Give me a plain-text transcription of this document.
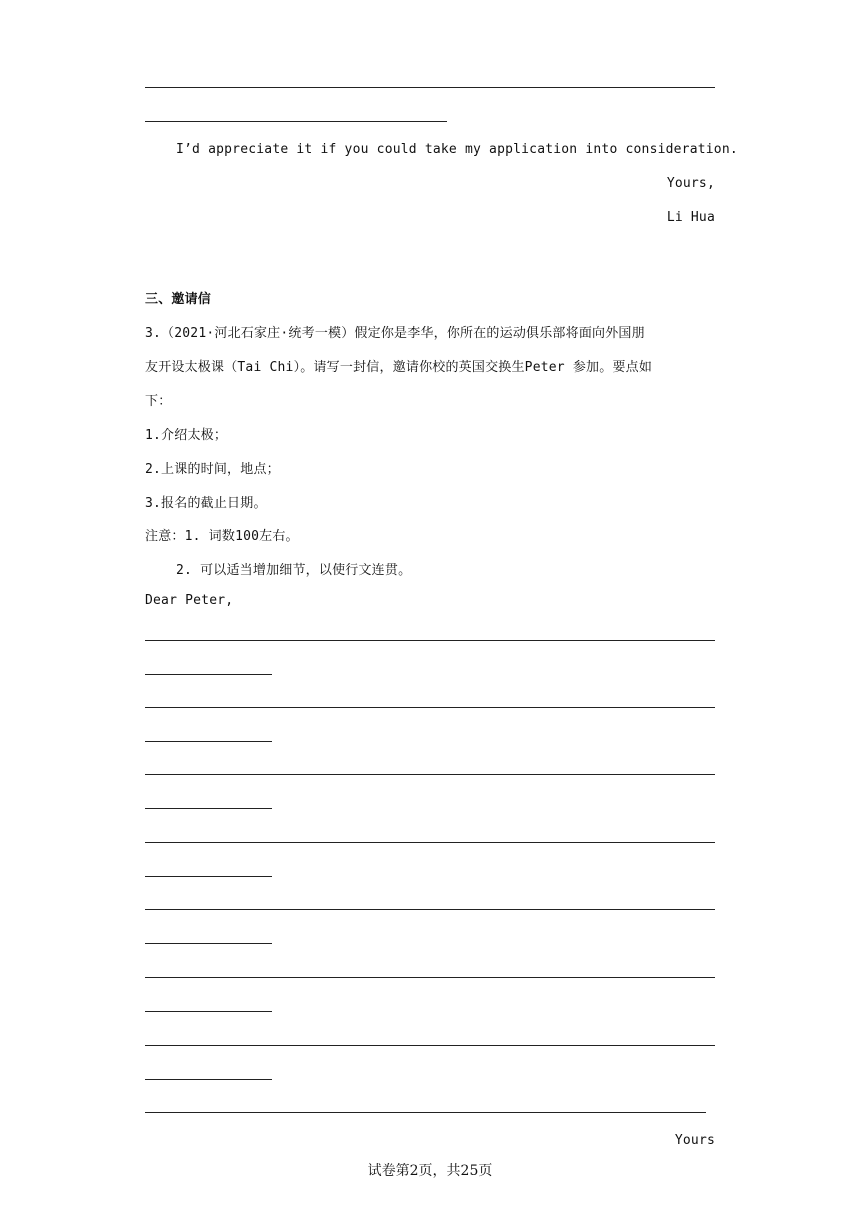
I’d appreciate it if you could take my application into consideration.
Yours,
Li Hua
三、邀请信
3.（2021·河北石家庄·统考一模）假定你是李华，你所在的运动俱乐部将面向外国朋
友开设太极课（Tai Chi）。请写一封信，邀请你校的英国交换生Peter 参加。要点如
下：
1.介绍太极；
2.上课的时间，地点；
3.报名的截止日期。
注意：1. 词数100左右。
2. 可以适当增加细节，以使行文连贯。
Dear Peter,
Yours
试卷第2页，共25页
